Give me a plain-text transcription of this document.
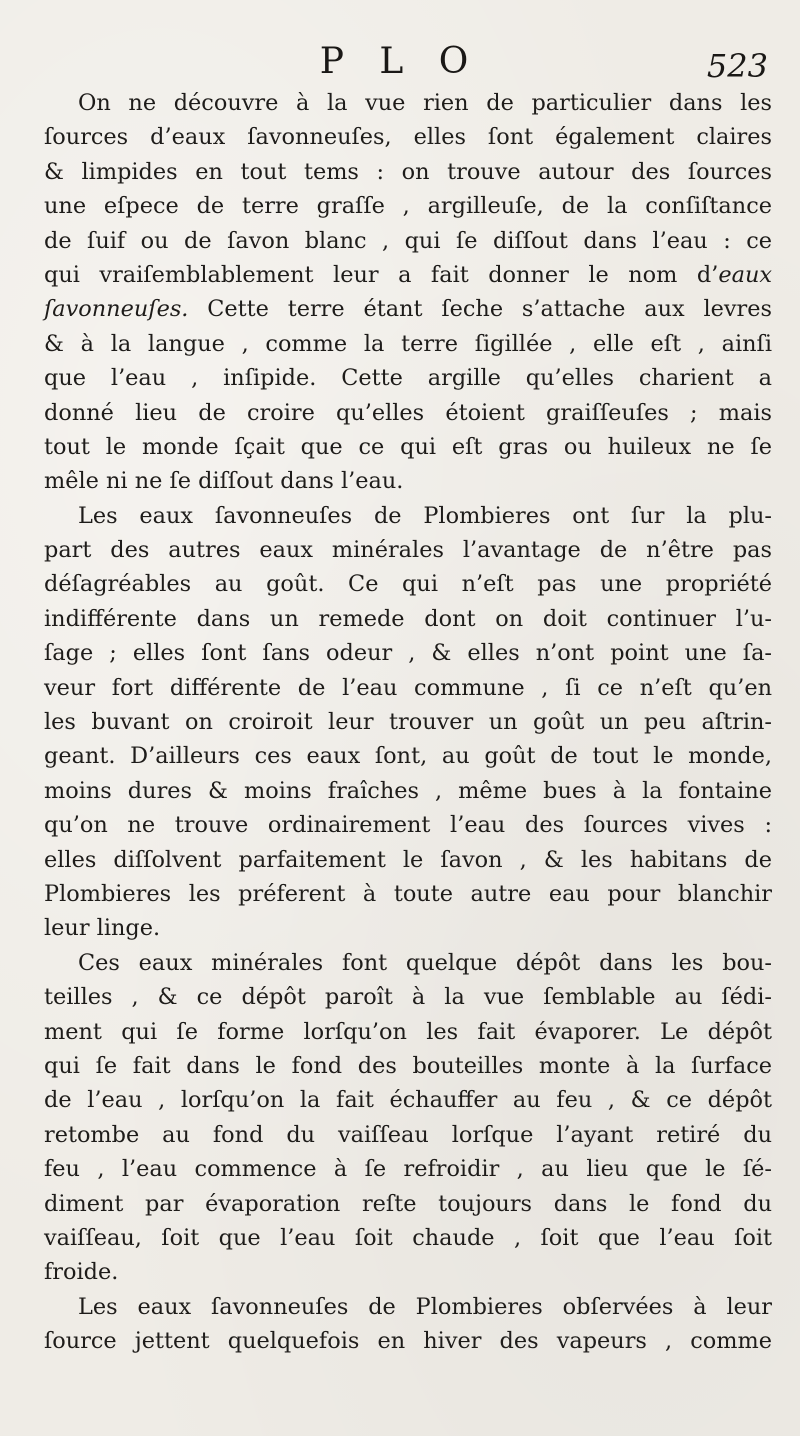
P L O	523
On ne découvre à la vue rien de particulier dans les
ſources d’eaux ſavonneuſes, elles ſont également claires
& limpides en tout tems : on trouve autour des ſources
une eſpece de terre graſſe , argilleuſe, de la conſiſtance
de ſuif ou de ſavon blanc , qui ſe diſſout dans l’eau : ce
qui vraiſemblablement leur a fait donner le nom d’eaux
ſavonneuſes. Cette terre étant ſeche s’attache aux levres
& à la langue , comme la terre ſigillée , elle eſt , ainſi
que l’eau , inſipide. Cette argille qu’elles charient a
donné lieu de croire qu’elles étoient graiſſeuſes ; mais
tout le monde ſçait que ce qui eſt gras ou huileux ne ſe
mêle ni ne ſe diſſout dans l’eau.
Les eaux ſavonneuſes de Plombieres ont ſur la plu-
part des autres eaux minérales l’avantage de n’être pas
déſagréables au goût. Ce qui n’eſt pas une propriété
indifférente dans un remede dont on doit continuer l’u-
ſage ; elles ſont ſans odeur , & elles n’ont point une ſa-
veur fort différente de l’eau commune , ſi ce n’eſt qu’en
les buvant on croiroit leur trouver un goût un peu aſtrin-
geant. D’ailleurs ces eaux ſont, au goût de tout le monde,
moins dures & moins fraîches , même bues à la fontaine
qu’on ne trouve ordinairement l’eau des ſources vives :
elles diſſolvent parfaitement le ſavon , & les habitans de
Plombieres les préferent à toute autre eau pour blanchir
leur linge.
Ces eaux minérales font quelque dépôt dans les bou-
teilles , & ce dépôt paroît à la vue ſemblable au ſédi-
ment qui ſe forme lorſqu’on les fait évaporer. Le dépôt
qui ſe fait dans le fond des bouteilles monte à la ſurface
de l’eau , lorſqu’on la fait échauffer au feu , & ce dépôt
retombe au fond du vaiſſeau lorſque l’ayant retiré du
feu , l’eau commence à ſe refroidir , au lieu que le ſé-
diment par évaporation reſte toujours dans le fond du
vaiſſeau, ſoit que l’eau ſoit chaude , ſoit que l’eau ſoit
froide.
Les eaux ſavonneuſes de Plombieres obſervées à leur
ſource jettent quelquefois en hiver des vapeurs , comme
